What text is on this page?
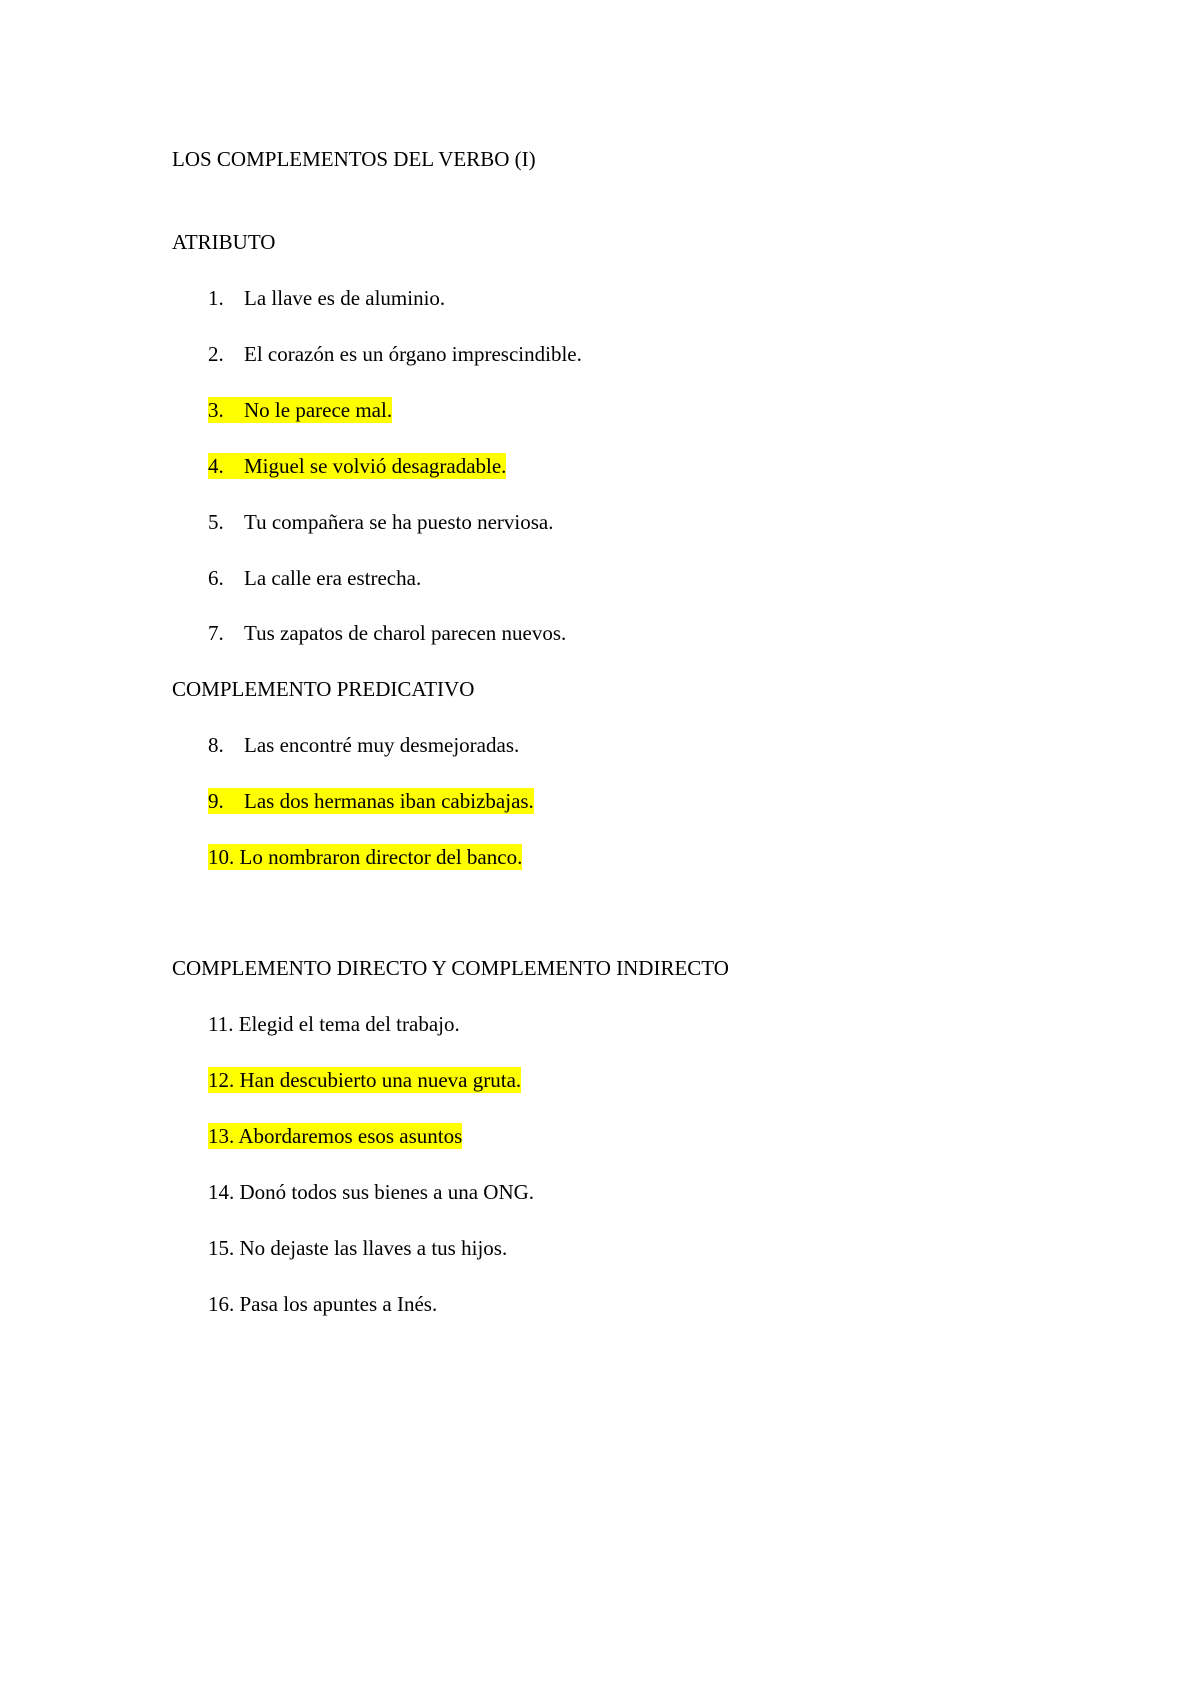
LOS COMPLEMENTOS DEL VERBO (I)
ATRIBUTO
1. La llave es de aluminio.
2. El corazón es un órgano imprescindible.
3. No le parece mal.
4. Miguel se volvió desagradable.
5. Tu compañera se ha puesto nerviosa.
6. La calle era estrecha.
7. Tus zapatos de charol parecen nuevos.
COMPLEMENTO PREDICATIVO
8. Las encontré muy desmejoradas.
9. Las dos hermanas iban cabizbajas.
10. Lo nombraron director del banco.
COMPLEMENTO DIRECTO Y COMPLEMENTO INDIRECTO
11. Elegid el tema del trabajo.
12. Han descubierto una nueva gruta.
13. Abordaremos esos asuntos
14. Donó todos sus bienes a una ONG.
15. No dejaste las llaves a tus hijos.
16. Pasa los apuntes a Inés.
